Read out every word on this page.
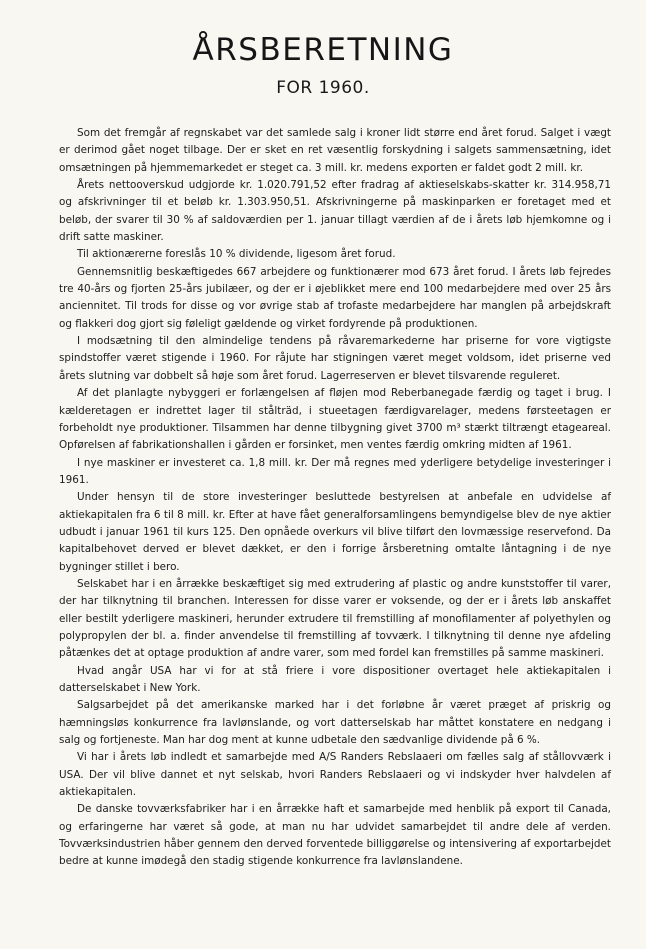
ÅRSBERETNING
FOR 1960.

Som det fremgår af regnskabet var det samlede salg i kroner lidt større end året forud. Salget i vægt er derimod gået noget tilbage. Der er sket en ret væsentlig forskydning i salgets sammensætning, idet omsætningen på hjemmemarkedet er steget ca. 3 mill. kr. medens exporten er faldet godt 2 mill. kr.

Årets nettooverskud udgjorde kr. 1.020.791,52 efter fradrag af aktieselskabs-skatter kr. 314.958,71 og afskrivninger til et beløb kr. 1.303.950,51. Afskrivningerne på maskinparken er foretaget med et beløb, der svarer til 30 % af saldoværdien per 1. januar tillagt værdien af de i årets løb hjemkomne og i drift satte maskiner.

Til aktionærerne foreslås 10 % dividende, ligesom året forud.

Gennemsnitlig beskæftigedes 667 arbejdere og funktionærer mod 673 året forud. I årets løb fejredes tre 40-års og fjorten 25-års jubilæer, og der er i øjeblikket mere end 100 medarbejdere med over 25 års anciennitet. Til trods for disse og vor øvrige stab af trofaste medarbejdere har manglen på arbejdskraft og flakkeri dog gjort sig føleligt gældende og virket fordyrende på produktionen.

I modsætning til den almindelige tendens på råvaremarkederne har priserne for vore vigtigste spindstoffer været stigende i 1960. For råjute har stigningen været meget voldsom, idet priserne ved årets slutning var dobbelt så høje som året forud. Lagerreserven er blevet tilsvarende reguleret.

Af det planlagte nybyggeri er forlængelsen af fløjen mod Reberbanegade færdig og taget i brug. I kælderetagen er indrettet lager til stålträd, i stueetagen færdigvarelager, medens førsteetagen er forbeholdt nye produktioner. Tilsammen har denne tilbygning givet 3700 m³ stærkt tiltrængt etageareal. Opførelsen af fabrikationshallen i gården er forsinket, men ventes færdig omkring midten af 1961.

I nye maskiner er investeret ca. 1,8 mill. kr. Der må regnes med yderligere betydelige investeringer i 1961.

Under hensyn til de store investeringer besluttede bestyrelsen at anbefale en udvidelse af aktiekapitalen fra 6 til 8 mill. kr. Efter at have fået generalforsamlingens bemyndigelse blev de nye aktier udbudt i januar 1961 til kurs 125. Den opnåede overkurs vil blive tilført den lovmæssige reservefond. Da kapitalbehovet derved er blevet dækket, er den i forrige årsberetning omtalte låntagning i de nye bygninger stillet i bero.

Selskabet har i en årrække beskæftiget sig med extrudering af plastic og andre kunststoffer til varer, der har tilknytning til branchen. Interessen for disse varer er voksende, og der er i årets løb anskaffet eller bestilt yderligere maskineri, herunder extrudere til fremstilling af monofilamenter af polyethylen og polypropylen der bl. a. finder anvendelse til fremstilling af tovværk. I tilknytning til denne nye afdeling påtænkes det at optage produktion af andre varer, som med fordel kan fremstilles på samme maskineri.

Hvad angår USA har vi for at stå friere i vore dispositioner overtaget hele aktiekapitalen i datterselskabet i New York.

Salgsarbejdet på det amerikanske marked har i det forløbne år været præget af priskrig og hæmningsløs konkurrence fra lavlønslande, og vort datterselskab har måttet konstatere en nedgang i salg og fortjeneste. Man har dog ment at kunne udbetale den sædvanlige dividende på 6 %.

Vi har i årets løb indledt et samarbejde med A/S Randers Rebslaaeri om fælles salg af stållovværk i USA. Der vil blive dannet et nyt selskab, hvori Randers Rebslaaeri og vi indskyder hver halvdelen af aktiekapitalen.

De danske tovværksfabriker har i en årrække haft et samarbejde med henblik på export til Canada, og erfaringerne har været så gode, at man nu har udvidet samarbejdet til andre dele af verden. Tovværksindustrien håber gennem den derved forventede billiggørelse og intensivering af exportarbejdet bedre at kunne imødegå den stadig stigende konkurrence fra lavlønslandene.
